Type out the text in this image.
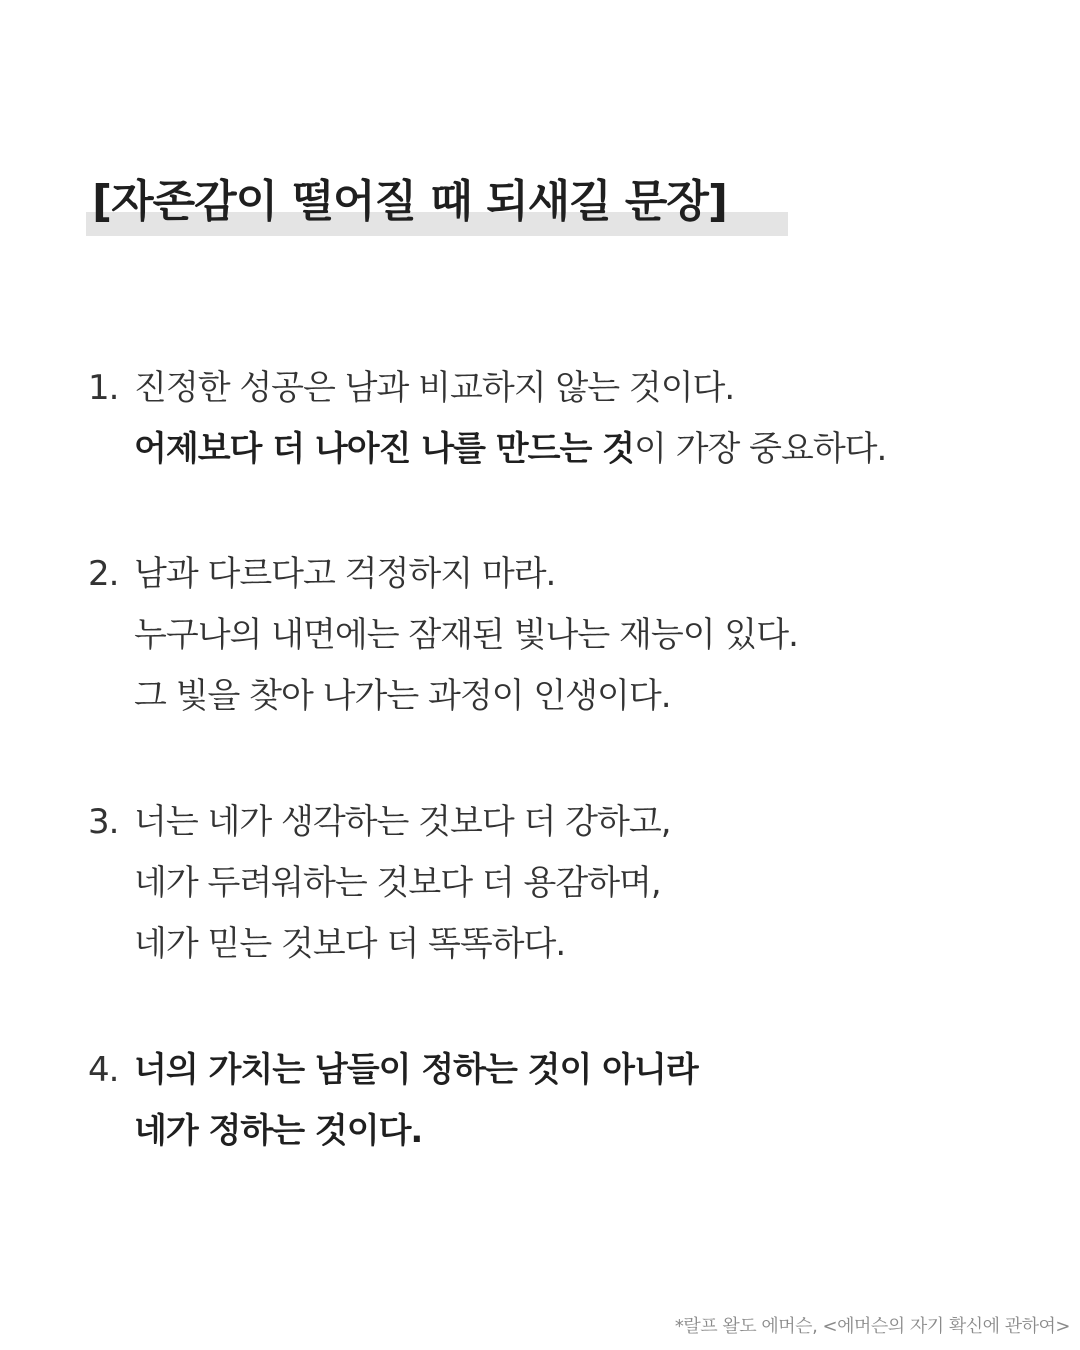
[자존감이 떨어질 때 되새길 문장]
1. 진정한 성공은 남과 비교하지 않는 것이다.
어제보다 더 나아진 나를 만드는 것이 가장 중요하다.
2. 남과 다르다고 걱정하지 마라.
누구나의 내면에는 잠재된 빛나는 재능이 있다.
그 빛을 찾아 나가는 과정이 인생이다.
3. 너는 네가 생각하는 것보다 더 강하고,
네가 두려워하는 것보다 더 용감하며,
네가 믿는 것보다 더 똑똑하다.
4. 너의 가치는 남들이 정하는 것이 아니라
네가 정하는 것이다.
*랄프 왈도 에머슨, <에머슨의 자기 확신에 관하여>
